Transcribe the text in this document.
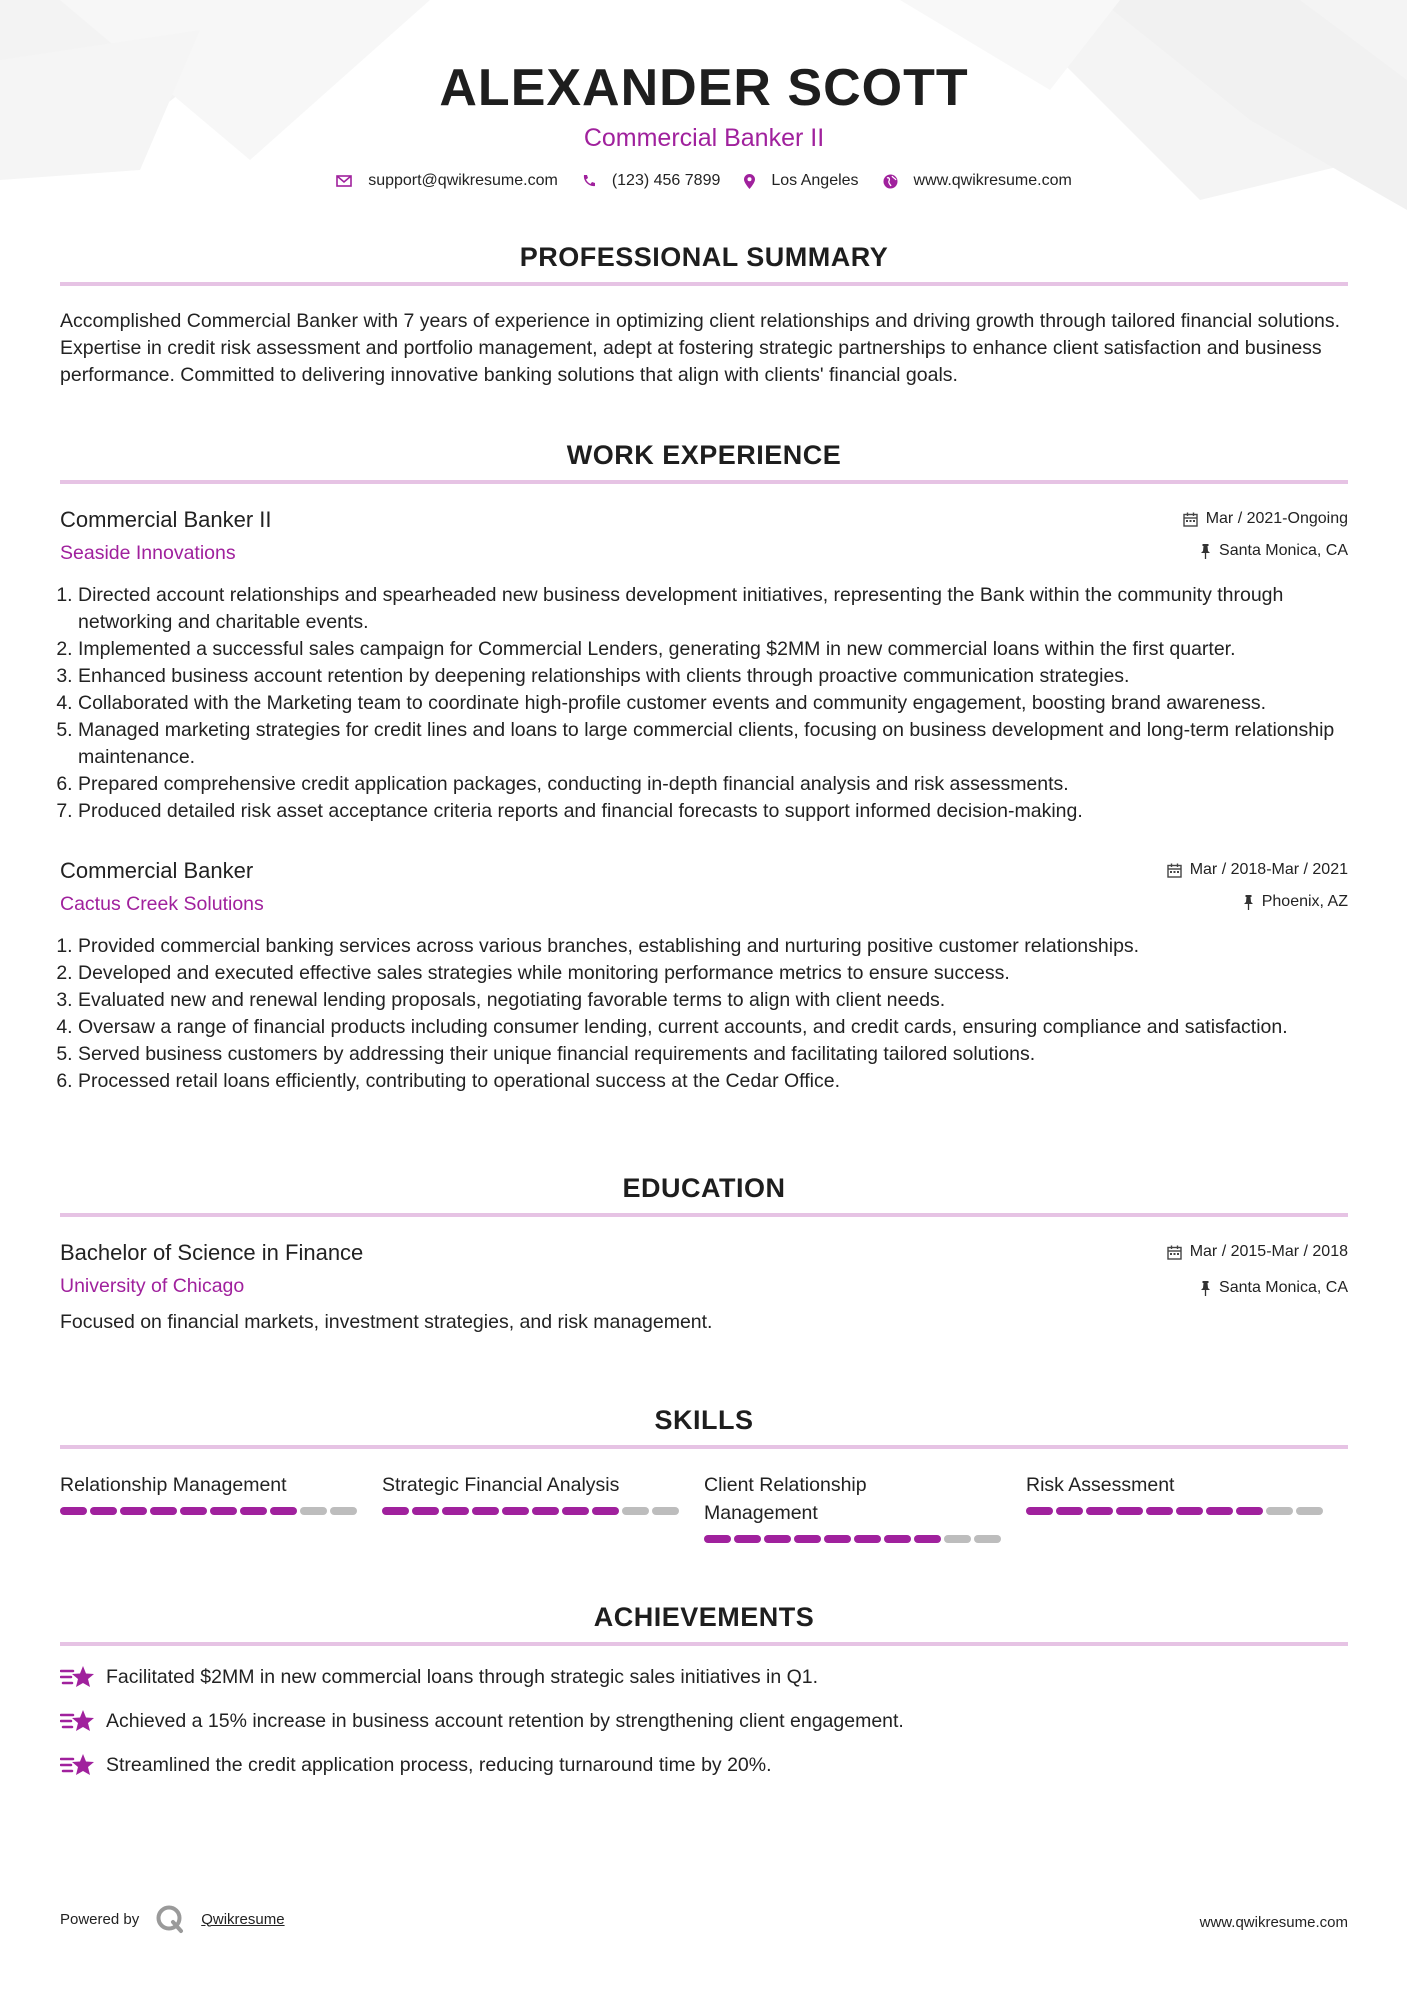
ALEXANDER SCOTT
Commercial Banker II
support@qwikresume.com	(123) 456 7899	Los Angeles	www.qwikresume.com
PROFESSIONAL SUMMARY

Accomplished Commercial Banker with 7 years of experience in optimizing client relationships and driving growth through tailored financial solutions. Expertise in credit risk assessment and portfolio management, adept at fostering strategic partnerships to enhance client satisfaction and business performance. Committed to delivering innovative banking solutions that align with clients' financial goals.

WORK EXPERIENCE
Commercial Banker II
Seaside Innovations
Mar / 2021-Ongoing
Santa Monica, CA
1. Directed account relationships and spearheaded new business development initiatives, representing the Bank within the community through networking and charitable events.
2. Implemented a successful sales campaign for Commercial Lenders, generating $2MM in new commercial loans within the first quarter.
3. Enhanced business account retention by deepening relationships with clients through proactive communication strategies.
4. Collaborated with the Marketing team to coordinate high-profile customer events and community engagement, boosting brand awareness.
5. Managed marketing strategies for credit lines and loans to large commercial clients, focusing on business development and long-term relationship maintenance.
6. Prepared comprehensive credit application packages, conducting in-depth financial analysis and risk assessments.
7. Produced detailed risk asset acceptance criteria reports and financial forecasts to support informed decision-making.
Commercial Banker
Cactus Creek Solutions
Mar / 2018-Mar / 2021
Phoenix, AZ
1. Provided commercial banking services across various branches, establishing and nurturing positive customer relationships.
2. Developed and executed effective sales strategies while monitoring performance metrics to ensure success.
3. Evaluated new and renewal lending proposals, negotiating favorable terms to align with client needs.
4. Oversaw a range of financial products including consumer lending, current accounts, and credit cards, ensuring compliance and satisfaction.
5. Served business customers by addressing their unique financial requirements and facilitating tailored solutions.
6. Processed retail loans efficiently, contributing to operational success at the Cedar Office.
EDUCATION
Bachelor of Science in Finance
University of Chicago
Mar / 2015-Mar / 2018
Santa Monica, CA

Focused on financial markets, investment strategies, and risk management.

SKILLS
Relationship Management	Strategic Financial Analysis	Client Relationship Management
Risk Assessment
ACHIEVEMENTS
Facilitated $2MM in new commercial loans through strategic sales initiatives in Q1.
Achieved a 15% increase in business account retention by strengthening client engagement.
Streamlined the credit application process, reducing turnaround time by 20%.
Powered by	Qwikresume	www.qwikresume.com
